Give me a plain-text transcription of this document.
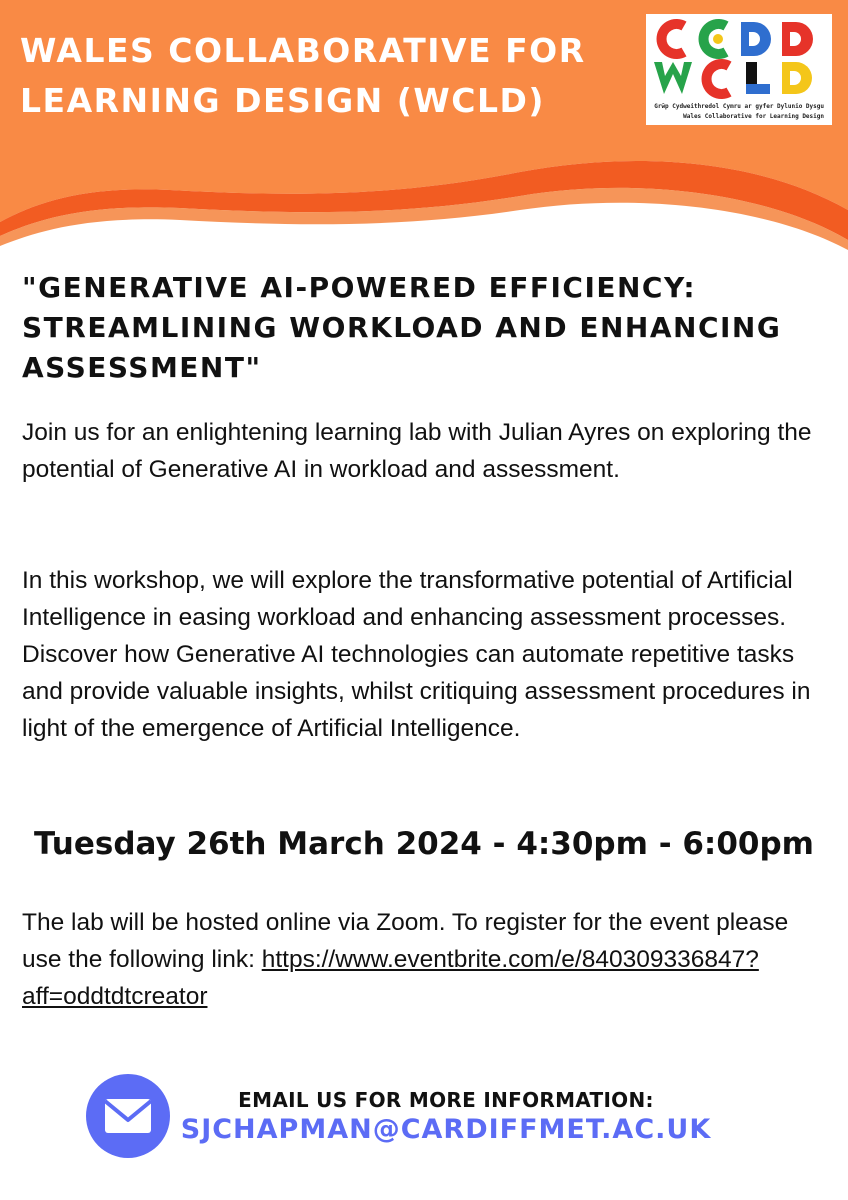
WALES COLLABORATIVE FOR LEARNING DESIGN (WCLD)	Grŵp Cydweithredol Cymru ar gyfer Dylunio Dysgu
Wales Collaborative for Learning Design
"GENERATIVE AI-POWERED EFFICIENCY: STREAMLINING WORKLOAD AND ENHANCING ASSESSMENT"

Join us for an enlightening learning lab with Julian Ayres on exploring the potential of Generative AI in workload and assessment.

In this workshop, we will explore the transformative potential of Artificial Intelligence in easing workload and enhancing assessment processes. Discover how Generative AI technologies can automate repetitive tasks and provide valuable insights, whilst critiquing assessment procedures in light of the emergence of Artificial Intelligence.

Tuesday 26th March 2024 - 4:30pm - 6:00pm

The lab will be hosted online via Zoom. To register for the event please use the following link: https://www.eventbrite.com/e/840309336847?aff=oddtdtcreator

EMAIL US FOR MORE INFORMATION:

SJCHAPMAN@CARDIFFMET.AC.UK
